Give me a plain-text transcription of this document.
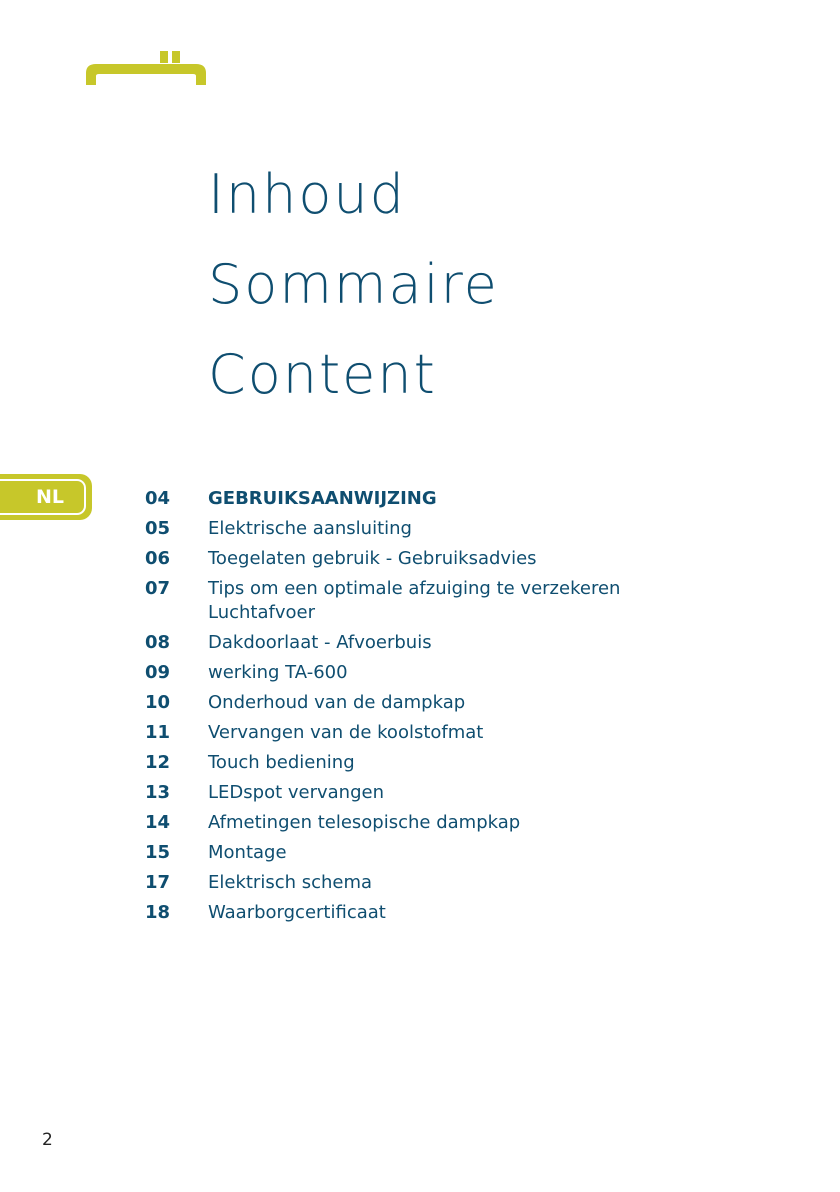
Inhoud
Sommaire
Content
NL	04	GEBRUIKSAANWIJZING
05	Elektrische aansluiting
06	Toegelaten gebruik - Gebruiksadvies
07	Tips om een optimale afzuiging te verzekeren
Luchtafvoer
08	Dakdoorlaat - Afvoerbuis
09	werking TA-600
10	Onderhoud van de dampkap
11	Vervangen van de koolstofmat
12	Touch bediening
13	LEDspot vervangen
14	Afmetingen telesopische dampkap
15	Montage
17	Elektrisch schema
18	Waarborgcertificaat
2
